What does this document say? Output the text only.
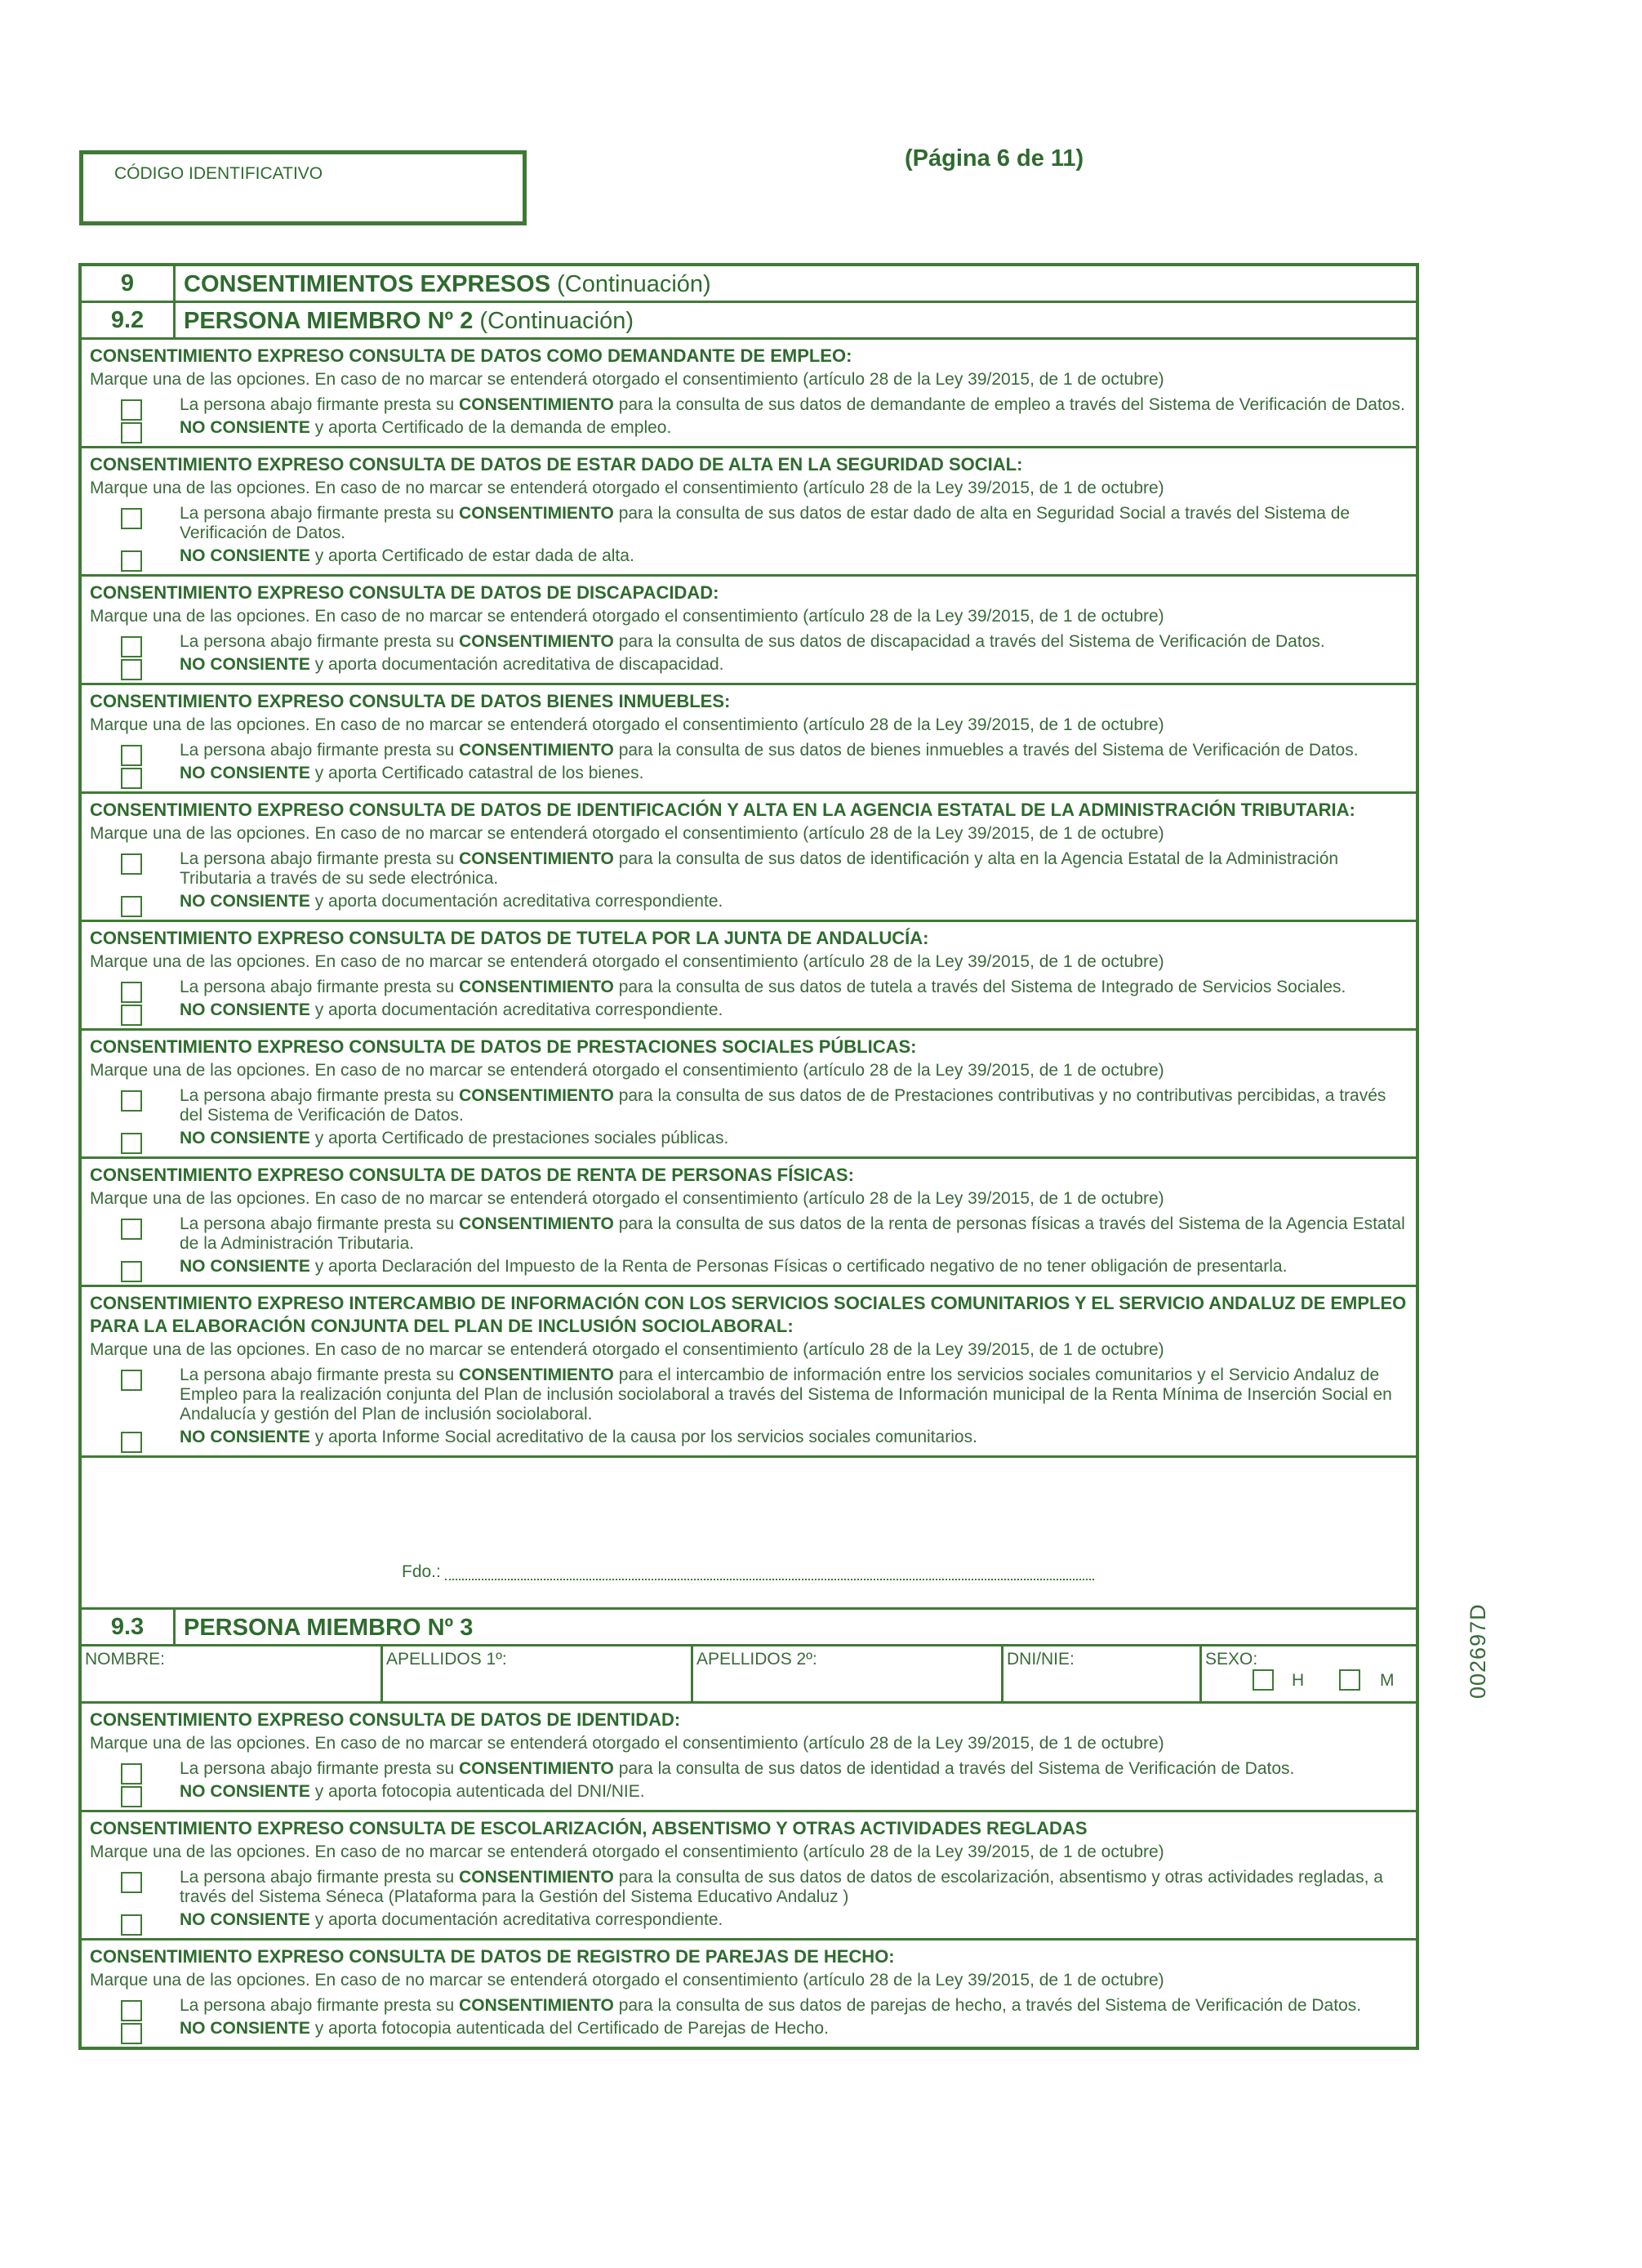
CÓDIGO IDENTIFICATIVO
(Página 6 de 11)
9	CONSENTIMIENTOS EXPRESOS (Continuación)
9.2	PERSONA MIEMBRO Nº 2 (Continuación)
CONSENTIMIENTO EXPRESO CONSULTA DE DATOS COMO DEMANDANTE DE EMPLEO:
Marque una de las opciones. En caso de no marcar se entenderá otorgado el consentimiento (artículo 28 de la Ley 39/2015, de 1 de octubre)
La persona abajo firmante presta su CONSENTIMIENTO para la consulta de sus datos de demandante de empleo a través del Sistema de Verificación de Datos.
NO CONSIENTE y aporta Certificado de la demanda de empleo.
CONSENTIMIENTO EXPRESO CONSULTA DE DATOS DE ESTAR DADO DE ALTA EN LA SEGURIDAD SOCIAL:
Marque una de las opciones. En caso de no marcar se entenderá otorgado el consentimiento (artículo 28 de la Ley 39/2015, de 1 de octubre)
La persona abajo firmante presta su CONSENTIMIENTO para la consulta de sus datos de estar dado de alta en Seguridad Social a través del Sistema de Verificación de Datos.
NO CONSIENTE y aporta Certificado de estar dada de alta.
CONSENTIMIENTO EXPRESO CONSULTA DE DATOS DE DISCAPACIDAD:
Marque una de las opciones. En caso de no marcar se entenderá otorgado el consentimiento (artículo 28 de la Ley 39/2015, de 1 de octubre)
La persona abajo firmante presta su CONSENTIMIENTO para la consulta de sus datos de discapacidad a través del Sistema de Verificación de Datos.
NO CONSIENTE y aporta documentación acreditativa de discapacidad.
CONSENTIMIENTO EXPRESO CONSULTA DE DATOS BIENES INMUEBLES:
Marque una de las opciones. En caso de no marcar se entenderá otorgado el consentimiento (artículo 28 de la Ley 39/2015, de 1 de octubre)
La persona abajo firmante presta su CONSENTIMIENTO para la consulta de sus datos de bienes inmuebles a través del Sistema de Verificación de Datos.
NO CONSIENTE y aporta Certificado catastral de los bienes.
CONSENTIMIENTO EXPRESO CONSULTA DE DATOS DE IDENTIFICACIÓN Y ALTA EN LA AGENCIA ESTATAL DE LA ADMINISTRACIÓN TRIBUTARIA:
Marque una de las opciones. En caso de no marcar se entenderá otorgado el consentimiento (artículo 28 de la Ley 39/2015, de 1 de octubre)
La persona abajo firmante presta su CONSENTIMIENTO para la consulta de sus datos de identificación y alta en la Agencia Estatal de la Administración Tributaria a través de su sede electrónica.
NO CONSIENTE y aporta documentación acreditativa correspondiente.
CONSENTIMIENTO EXPRESO CONSULTA DE DATOS DE TUTELA POR LA JUNTA DE ANDALUCÍA:
Marque una de las opciones. En caso de no marcar se entenderá otorgado el consentimiento (artículo 28 de la Ley 39/2015, de 1 de octubre)
La persona abajo firmante presta su CONSENTIMIENTO para la consulta de sus datos de tutela a través del Sistema de Integrado de Servicios Sociales.
NO CONSIENTE y aporta documentación acreditativa correspondiente.
CONSENTIMIENTO EXPRESO CONSULTA DE DATOS DE PRESTACIONES SOCIALES PÚBLICAS:
Marque una de las opciones. En caso de no marcar se entenderá otorgado el consentimiento (artículo 28 de la Ley 39/2015, de 1 de octubre)
La persona abajo firmante presta su CONSENTIMIENTO para la consulta de sus datos de de Prestaciones contributivas y no contributivas percibidas, a través del Sistema de Verificación de Datos.
NO CONSIENTE y aporta Certificado de prestaciones sociales públicas.
CONSENTIMIENTO EXPRESO CONSULTA DE DATOS DE RENTA DE PERSONAS FÍSICAS:
Marque una de las opciones. En caso de no marcar se entenderá otorgado el consentimiento (artículo 28 de la Ley 39/2015, de 1 de octubre)
La persona abajo firmante presta su CONSENTIMIENTO para la consulta de sus datos de la renta de personas físicas a través del Sistema de la Agencia Estatal de la Administración Tributaria.
NO CONSIENTE y aporta Declaración del Impuesto de la Renta de Personas Físicas o certificado negativo de no tener obligación de presentarla.
CONSENTIMIENTO EXPRESO INTERCAMBIO DE INFORMACIÓN CON LOS SERVICIOS SOCIALES COMUNITARIOS Y EL SERVICIO ANDALUZ DE EMPLEO PARA LA ELABORACIÓN CONJUNTA DEL PLAN DE INCLUSIÓN SOCIOLABORAL:
Marque una de las opciones. En caso de no marcar se entenderá otorgado el consentimiento (artículo 28 de la Ley 39/2015, de 1 de octubre)
La persona abajo firmante presta su CONSENTIMIENTO para el intercambio de información entre los servicios sociales comunitarios y el Servicio Andaluz de Empleo para la realización conjunta del Plan de inclusión sociolaboral a través del Sistema de Información municipal de la Renta Mínima de Inserción Social en Andalucía y gestión del Plan de inclusión sociolaboral.
NO CONSIENTE y aporta Informe Social acreditativo de la causa por los servicios sociales comunitarios.
Fdo.:
9.3	PERSONA MIEMBRO Nº 3
NOMBRE:	APELLIDOS 1º:	APELLIDOS 2º:	DNI/NIE:	SEXO:
H	M
CONSENTIMIENTO EXPRESO CONSULTA DE DATOS DE IDENTIDAD:
Marque una de las opciones. En caso de no marcar se entenderá otorgado el consentimiento (artículo 28 de la Ley 39/2015, de 1 de octubre)
La persona abajo firmante presta su CONSENTIMIENTO para la consulta de sus datos de identidad a través del Sistema de Verificación de Datos.
NO CONSIENTE y aporta fotocopia autenticada del DNI/NIE.
CONSENTIMIENTO EXPRESO CONSULTA DE ESCOLARIZACIÓN, ABSENTISMO Y OTRAS ACTIVIDADES REGLADAS
Marque una de las opciones. En caso de no marcar se entenderá otorgado el consentimiento (artículo 28 de la Ley 39/2015, de 1 de octubre)
La persona abajo firmante presta su CONSENTIMIENTO para la consulta de sus datos de datos de escolarización, absentismo y otras actividades regladas, a través del Sistema Séneca (Plataforma para la Gestión del Sistema Educativo Andaluz )
NO CONSIENTE y aporta documentación acreditativa correspondiente.
CONSENTIMIENTO EXPRESO CONSULTA DE DATOS DE REGISTRO DE PAREJAS DE HECHO:
Marque una de las opciones. En caso de no marcar se entenderá otorgado el consentimiento (artículo 28 de la Ley 39/2015, de 1 de octubre)
La persona abajo firmante presta su CONSENTIMIENTO para la consulta de sus datos de parejas de hecho, a través del Sistema de Verificación de Datos.
NO CONSIENTE y aporta fotocopia autenticada del Certificado de Parejas de Hecho.
002697D
